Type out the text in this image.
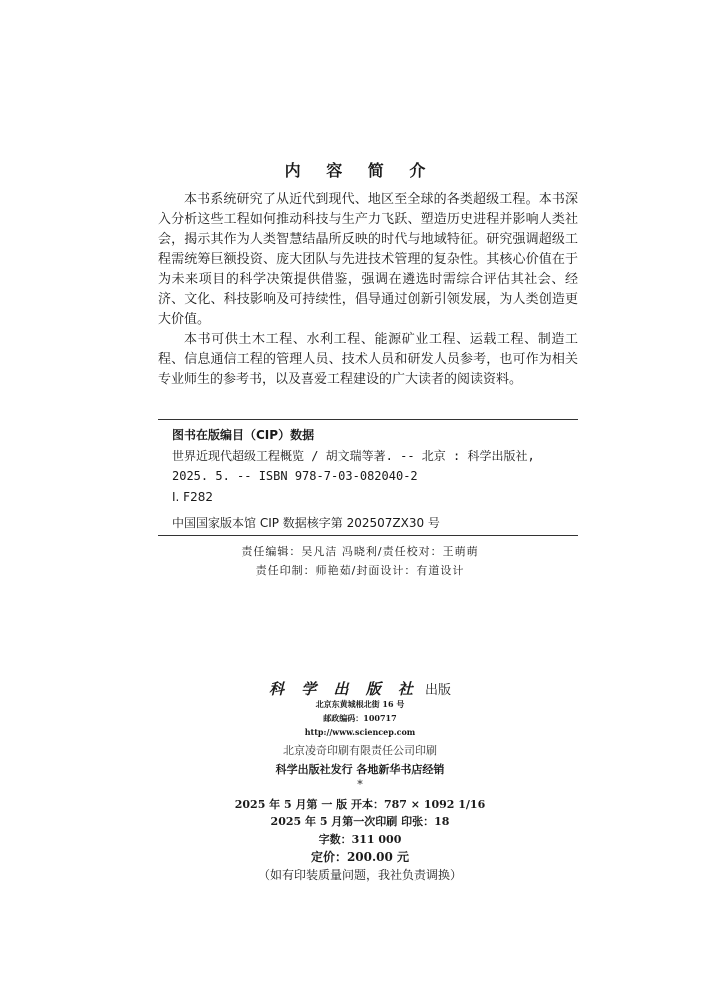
内 容 简 介

本书系统研究了从近代到现代、地区至全球的各类超级工程。本书深入分析这些工程如何推动科技与生产力飞跃、塑造历史进程并影响人类社会，揭示其作为人类智慧结晶所反映的时代与地域特征。研究强调超级工程需统筹巨额投资、庞大团队与先进技术管理的复杂性。其核心价值在于为未来项目的科学决策提供借鉴，强调在遴选时需综合评估其社会、经济、文化、科技影响及可持续性，倡导通过创新引领发展，为人类创造更大价值。

本书可供土木工程、水利工程、能源矿业工程、运载工程、制造工程、信息通信工程的管理人员、技术人员和研发人员参考，也可作为相关专业师生的参考书，以及喜爱工程建设的广大读者的阅读资料。

图书在版编目（CIP）数据
世界近现代超级工程概览 / 胡文瑞等著. -- 北京 : 科学出版社,
2025. 5. -- ISBN 978-7-03-082040-2
Ⅰ. F282
中国国家版本馆 CIP 数据核字第 202507ZX30 号
责任编辑：吴凡洁 冯晓利/责任校对：王萌萌
责任印制：师艳茹/封面设计：有道设计
科 学 出 版 社 出版
北京东黄城根北街 16 号
邮政编码：100717
http://www.sciencep.com
北京凌奇印刷有限责任公司印刷
科学出版社发行 各地新华书店经销
*
2025 年 5 月第 一 版 开本：787 × 1092 1/16
2025 年 5 月第一次印刷 印张：18
字数：311 000
定价：200.00 元
（如有印装质量问题，我社负责调换）
